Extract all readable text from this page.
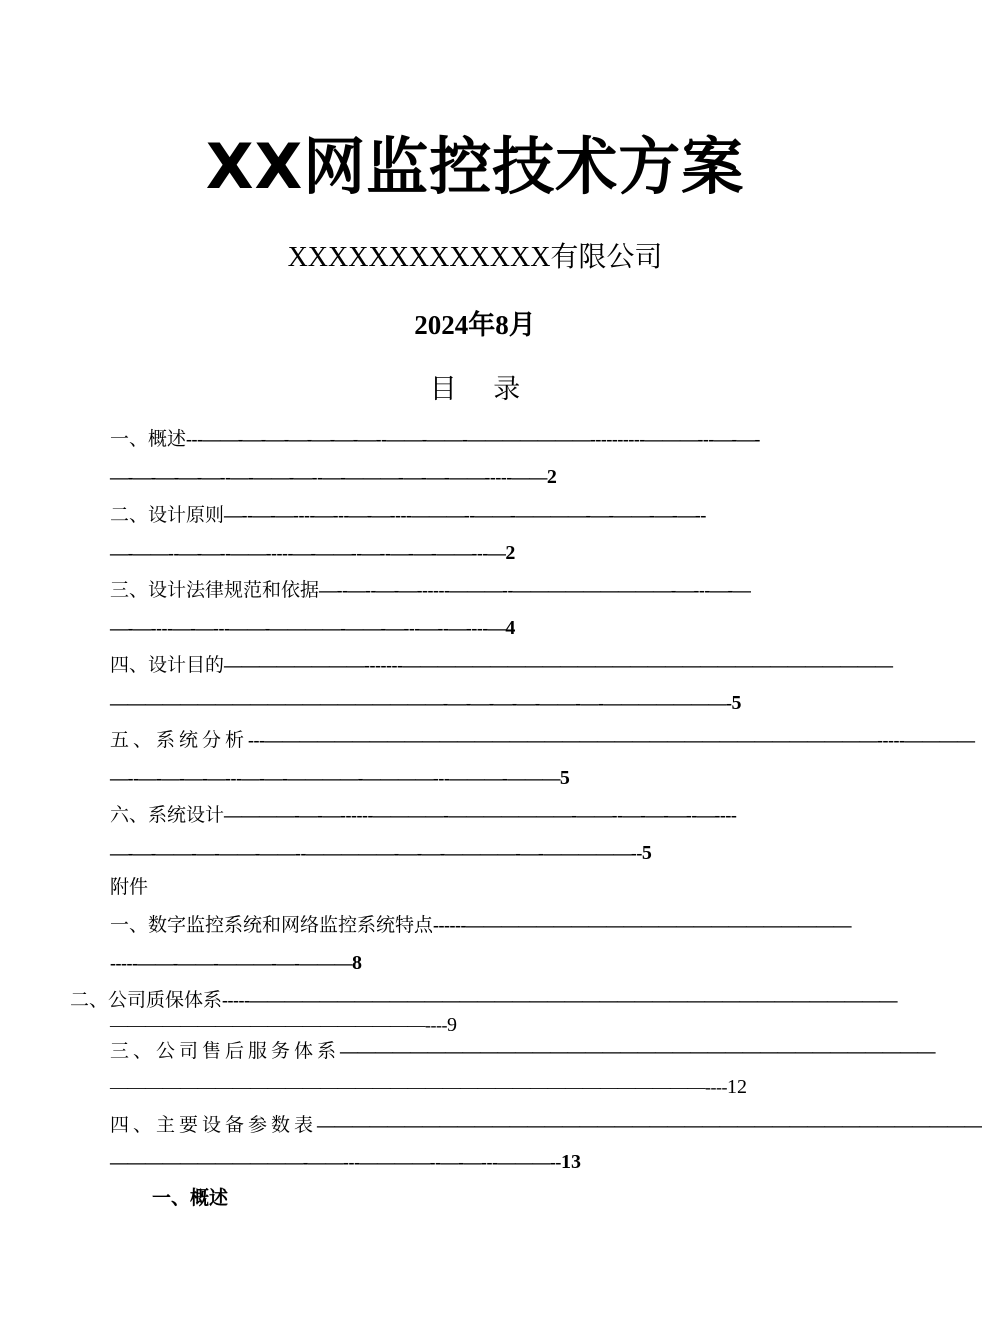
XX网监控技术方案
XXXXXXXXXXXXX有限公司
2024年8月
目 录
一、概述---——-—-—-—-—-—-—--——-——-———————----------———---—-—-
—-—-—-—-—--—-——-—--—-———-—-—-——-----——2
二、设计原则—--—-—----—---—-—----———--——-————-—-——-—-—--
—-——--—-—--——-----—-——--—--—-—-——---—2
三、设计法律规范和依据—--—--—-—------———--—————————-—---—-—
—-—----—-—---——-————-——-—---—--—----—4
四、设计目的————————-------————————————————————————————
———————————————————-—-—-—-—-——-—-———————-5
五、系统分析---———————————————————————————————————-----————
—--—-—-—-—---—-—-————-————---———-———5
六、系统设计————-—-—------————-———————-——--—-—-—--—----
—-—-——-—-——-——--—————-—-—-————-—-—————--5
附件
一、数字监控系统和网络监控系统特点------——————————————————————
-----——-——-———-—-———8
二、公司质保体系-----—————————————————————————————————————
——————————————————----9
三、公司售后服务体系——————————————————————————————————
——————————————————————————————————----12
四、主要设备参数表——————————————————————————————————————
———————————-——---————--—-—---———--13
一、概述
